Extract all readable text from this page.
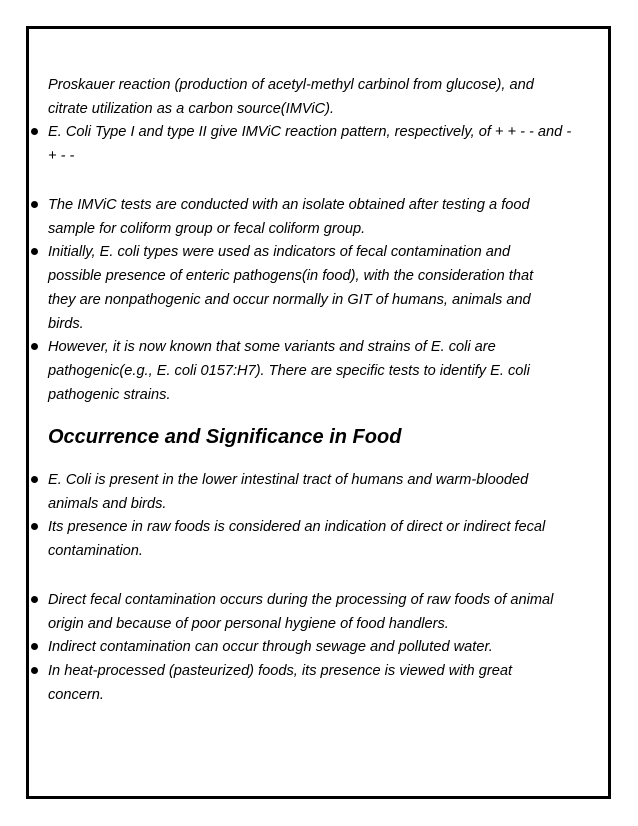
Proskauer reaction (production of acetyl-methyl carbinol from glucose), and
citrate utilization as a carbon source(IMViC).
E. Coli Type I and type II give IMViC reaction pattern, respectively, of + + - - and -
+ - -
The IMViC tests are conducted with an isolate obtained after testing a food
sample for coliform group or fecal coliform group.
Initially, E. coli types were used as indicators of fecal contamination and
possible presence of enteric pathogens(in food), with the consideration that
they are nonpathogenic and occur normally in GIT of humans, animals and
birds.
However, it is now known that some variants and strains of E. coli are
pathogenic(e.g., E. coli 0157:H7). There are specific tests to identify E. coli
pathogenic strains.
Occurrence and Significance in Food
E. Coli is present in the lower intestinal tract of humans and warm-blooded
animals and birds.
Its presence in raw foods is considered an indication of direct or indirect fecal
contamination.
Direct fecal contamination occurs during the processing of raw foods of animal
origin and because of poor personal hygiene of food handlers.
Indirect contamination can occur through sewage and polluted water.
In heat-processed (pasteurized) foods, its presence is viewed with great
concern.
